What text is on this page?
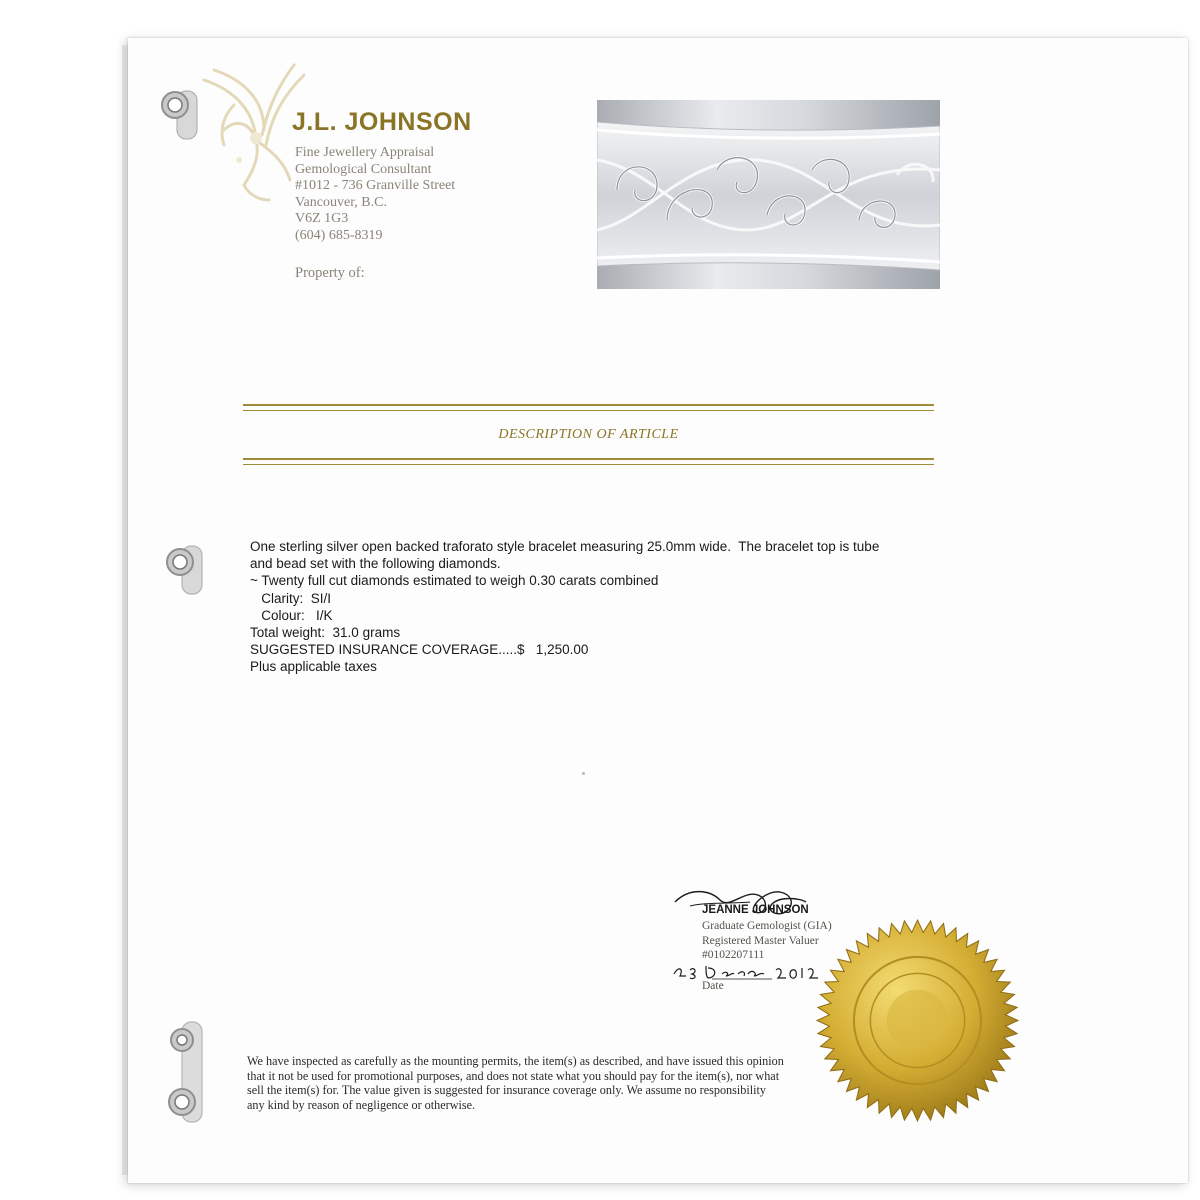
J.L. JOHNSON
Fine Jewellery Appraisal
Gemological Consultant
#1012 - 736 Granville Street
Vancouver, B.C.
V6Z 1G3
(604) 685-8319
Property of:
DESCRIPTION OF ARTICLE
One sterling silver open backed traforato style bracelet measuring 25.0mm wide.  The bracelet top is tube
and bead set with the following diamonds.
~ Twenty full cut diamonds estimated to weigh 0.30 carats combined
Clarity:  SI/I
Colour:   I/K
Total weight:  31.0 grams
SUGGESTED INSURANCE COVERAGE.....$   1,250.00
Plus applicable taxes
JEANNE JOHNSON
Graduate Gemologist (GIA)
Registered Master Valuer
#0102207111
Date
We have inspected as carefully as the mounting permits, the item(s) as described, and have issued this opinion
that it not be used for promotional purposes, and does not state what you should pay for the item(s), nor what
sell the item(s) for. The value given is suggested for insurance coverage only. We assume no responsibility
any kind by reason of negligence or otherwise.
